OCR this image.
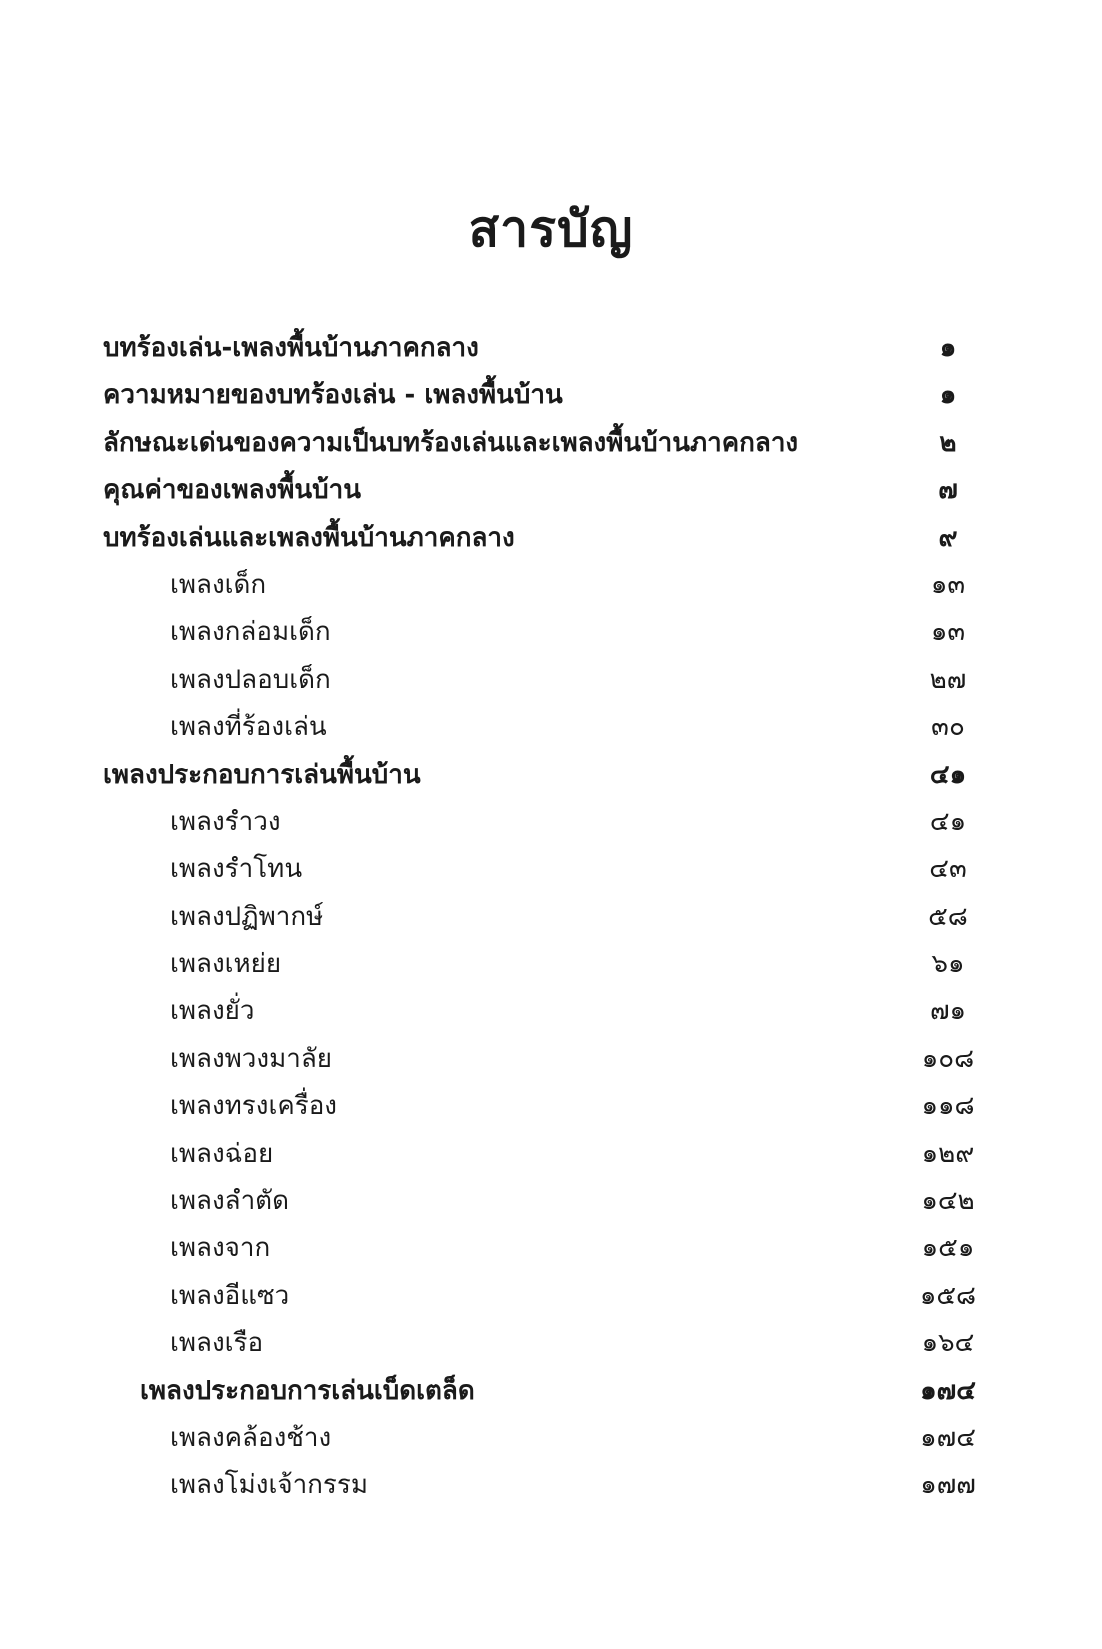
สารบัญ
บทร้องเล่น-เพลงพื้นบ้านภาคกลาง	๑
ความหมายของบทร้องเล่น - เพลงพื้นบ้าน	๑
ลักษณะเด่นของความเป็นบทร้องเล่นและเพลงพื้นบ้านภาคกลาง	๒
คุณค่าของเพลงพื้นบ้าน	๗
บทร้องเล่นและเพลงพื้นบ้านภาคกลาง	๙
เพลงเด็ก	๑๓
เพลงกล่อมเด็ก	๑๓
เพลงปลอบเด็ก	๒๗
เพลงที่ร้องเล่น	๓๐
เพลงประกอบการเล่นพื้นบ้าน	๔๑
เพลงรำวง	๔๑
เพลงรำโทน	๔๓
เพลงปฏิพากษ์	๕๘
เพลงเหย่ย	๖๑
เพลงยั่ว	๗๑
เพลงพวงมาลัย	๑๐๘
เพลงทรงเครื่อง	๑๑๘
เพลงฉ่อย	๑๒๙
เพลงลำตัด	๑๔๒
เพลงจาก	๑๕๑
เพลงอีแซว	๑๕๘
เพลงเรือ	๑๖๔
เพลงประกอบการเล่นเบ็ดเตล็ด	๑๗๔
เพลงคล้องช้าง	๑๗๔
เพลงโม่งเจ้ากรรม	๑๗๗
